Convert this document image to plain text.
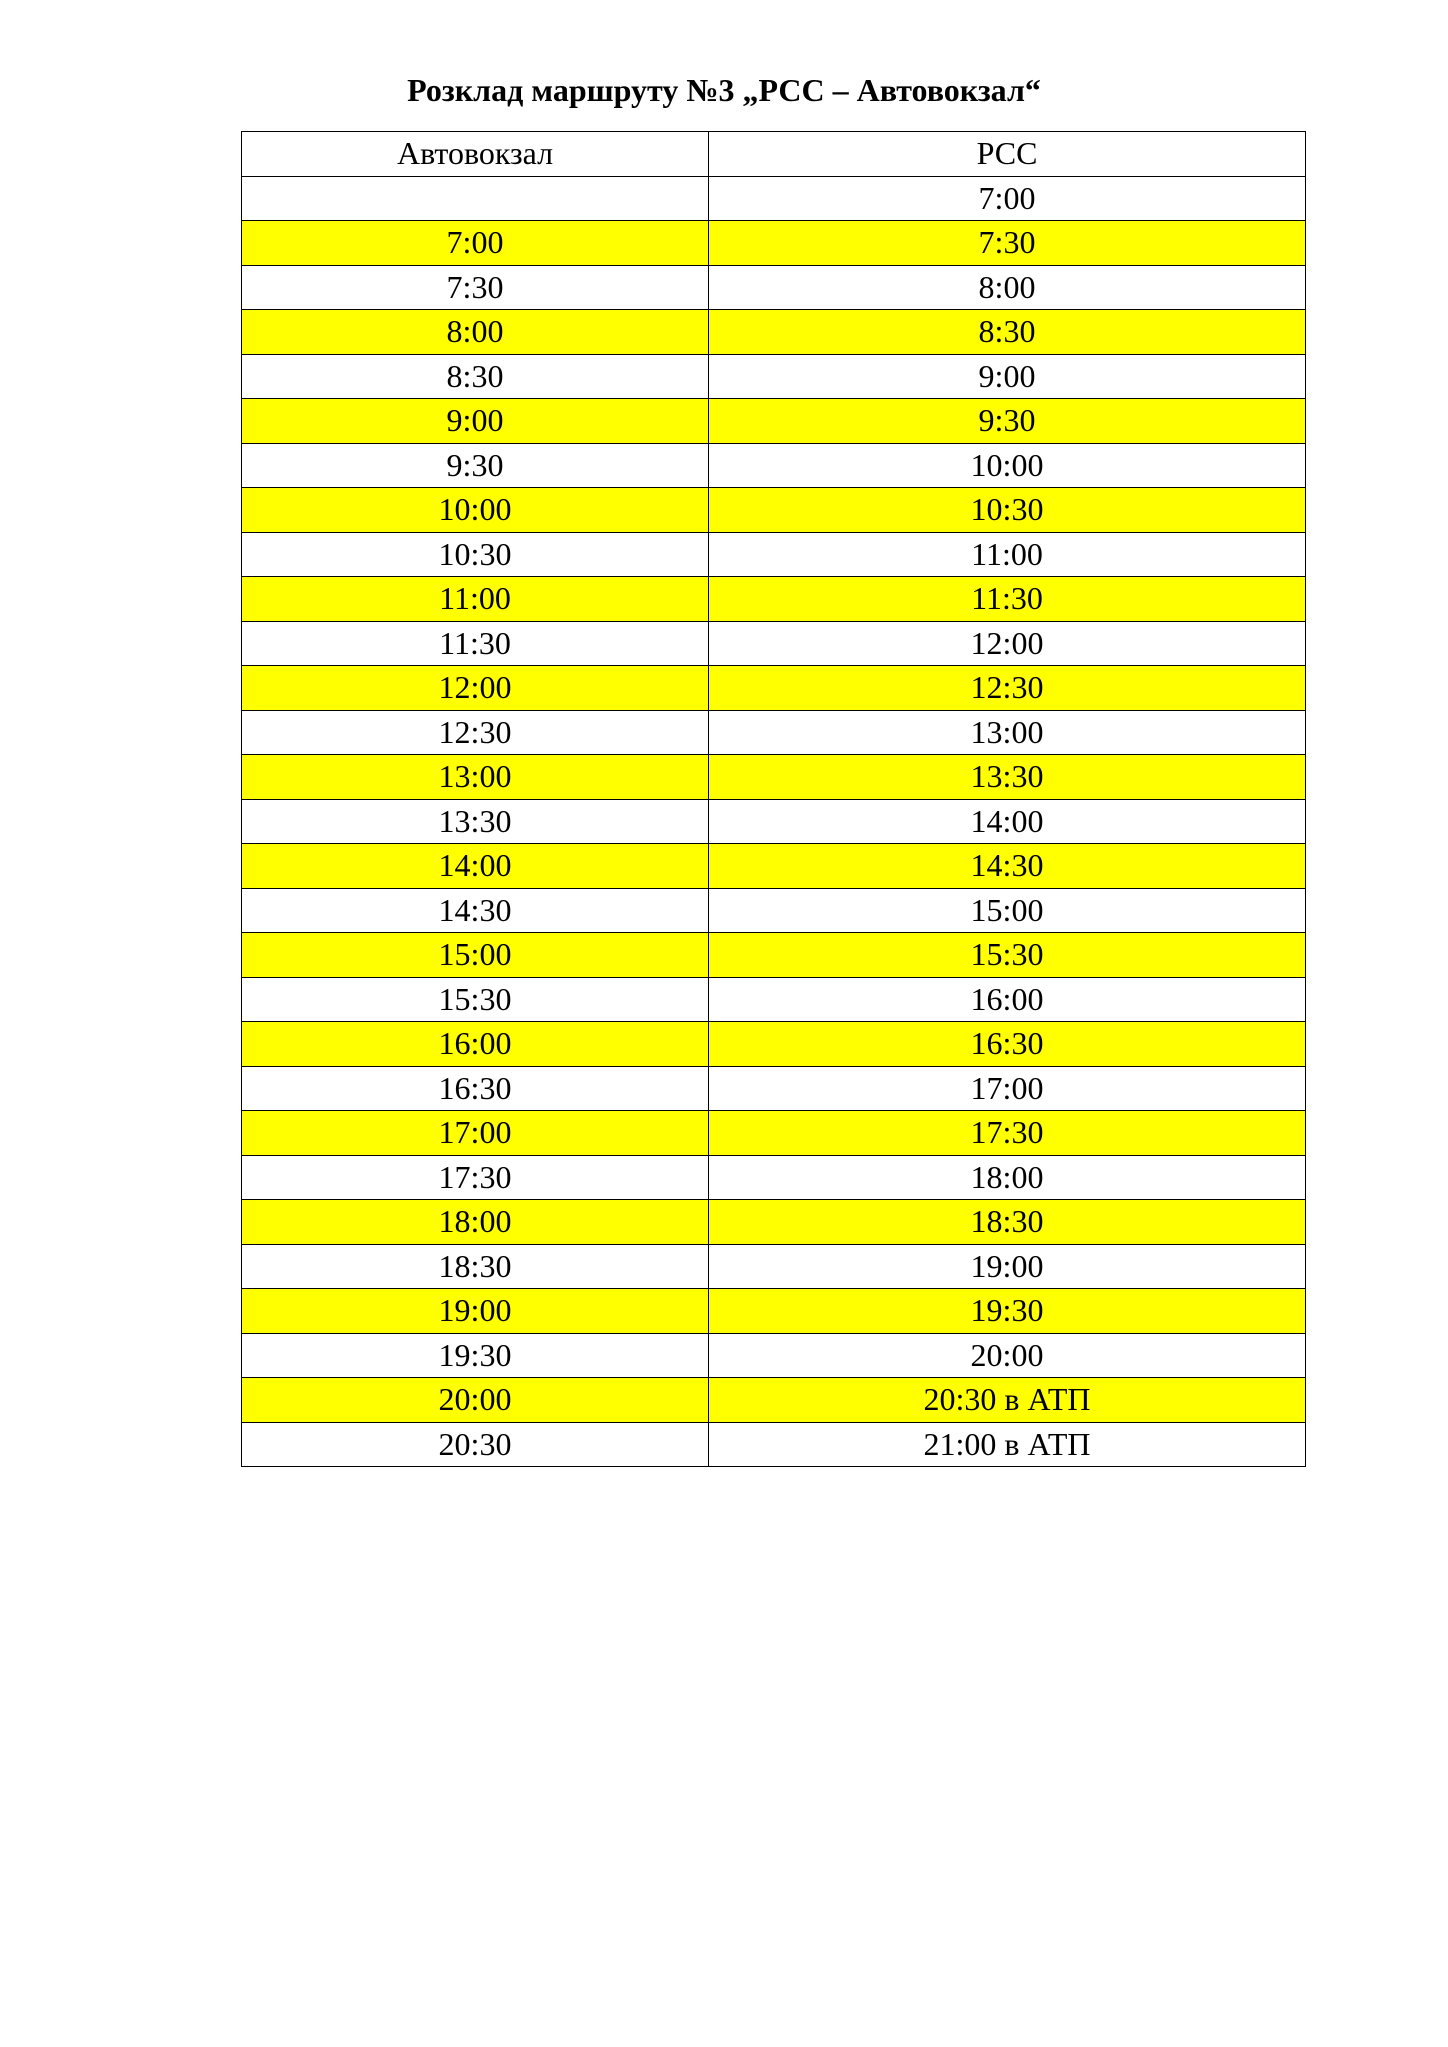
Розклад маршруту №3 „РСС – Автовокзал“
Автовокзал	РСС
	7:00
7:00	7:30
7:30	8:00
8:00	8:30
8:30	9:00
9:00	9:30
9:30	10:00
10:00	10:30
10:30	11:00
11:00	11:30
11:30	12:00
12:00	12:30
12:30	13:00
13:00	13:30
13:30	14:00
14:00	14:30
14:30	15:00
15:00	15:30
15:30	16:00
16:00	16:30
16:30	17:00
17:00	17:30
17:30	18:00
18:00	18:30
18:30	19:00
19:00	19:30
19:30	20:00
20:00	20:30 в АТП
20:30	21:00 в АТП
